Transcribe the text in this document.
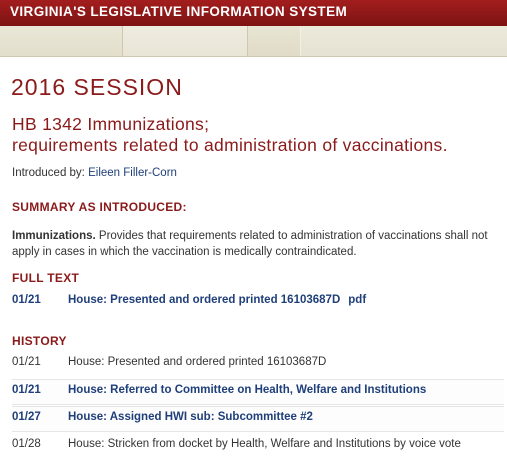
VIRGINIA'S LEGISLATIVE INFORMATION SYSTEM
2016 SESSION
HB 1342 Immunizations;
requirements related to administration of vaccinations.
Introduced by: Eileen Filler-Corn
SUMMARY AS INTRODUCED:
Immunizations. Provides that requirements related to administration of vaccinations shall not apply in cases in which the vaccination is medically contraindicated.
FULL TEXT
01/21 House: Presented and ordered printed 16103687D pdf
HISTORY
01/21 House: Presented and ordered printed 16103687D
01/21 House: Referred to Committee on Health, Welfare and Institutions
01/27 House: Assigned HWI sub: Subcommittee #2
01/28 House: Stricken from docket by Health, Welfare and Institutions by voice vote
